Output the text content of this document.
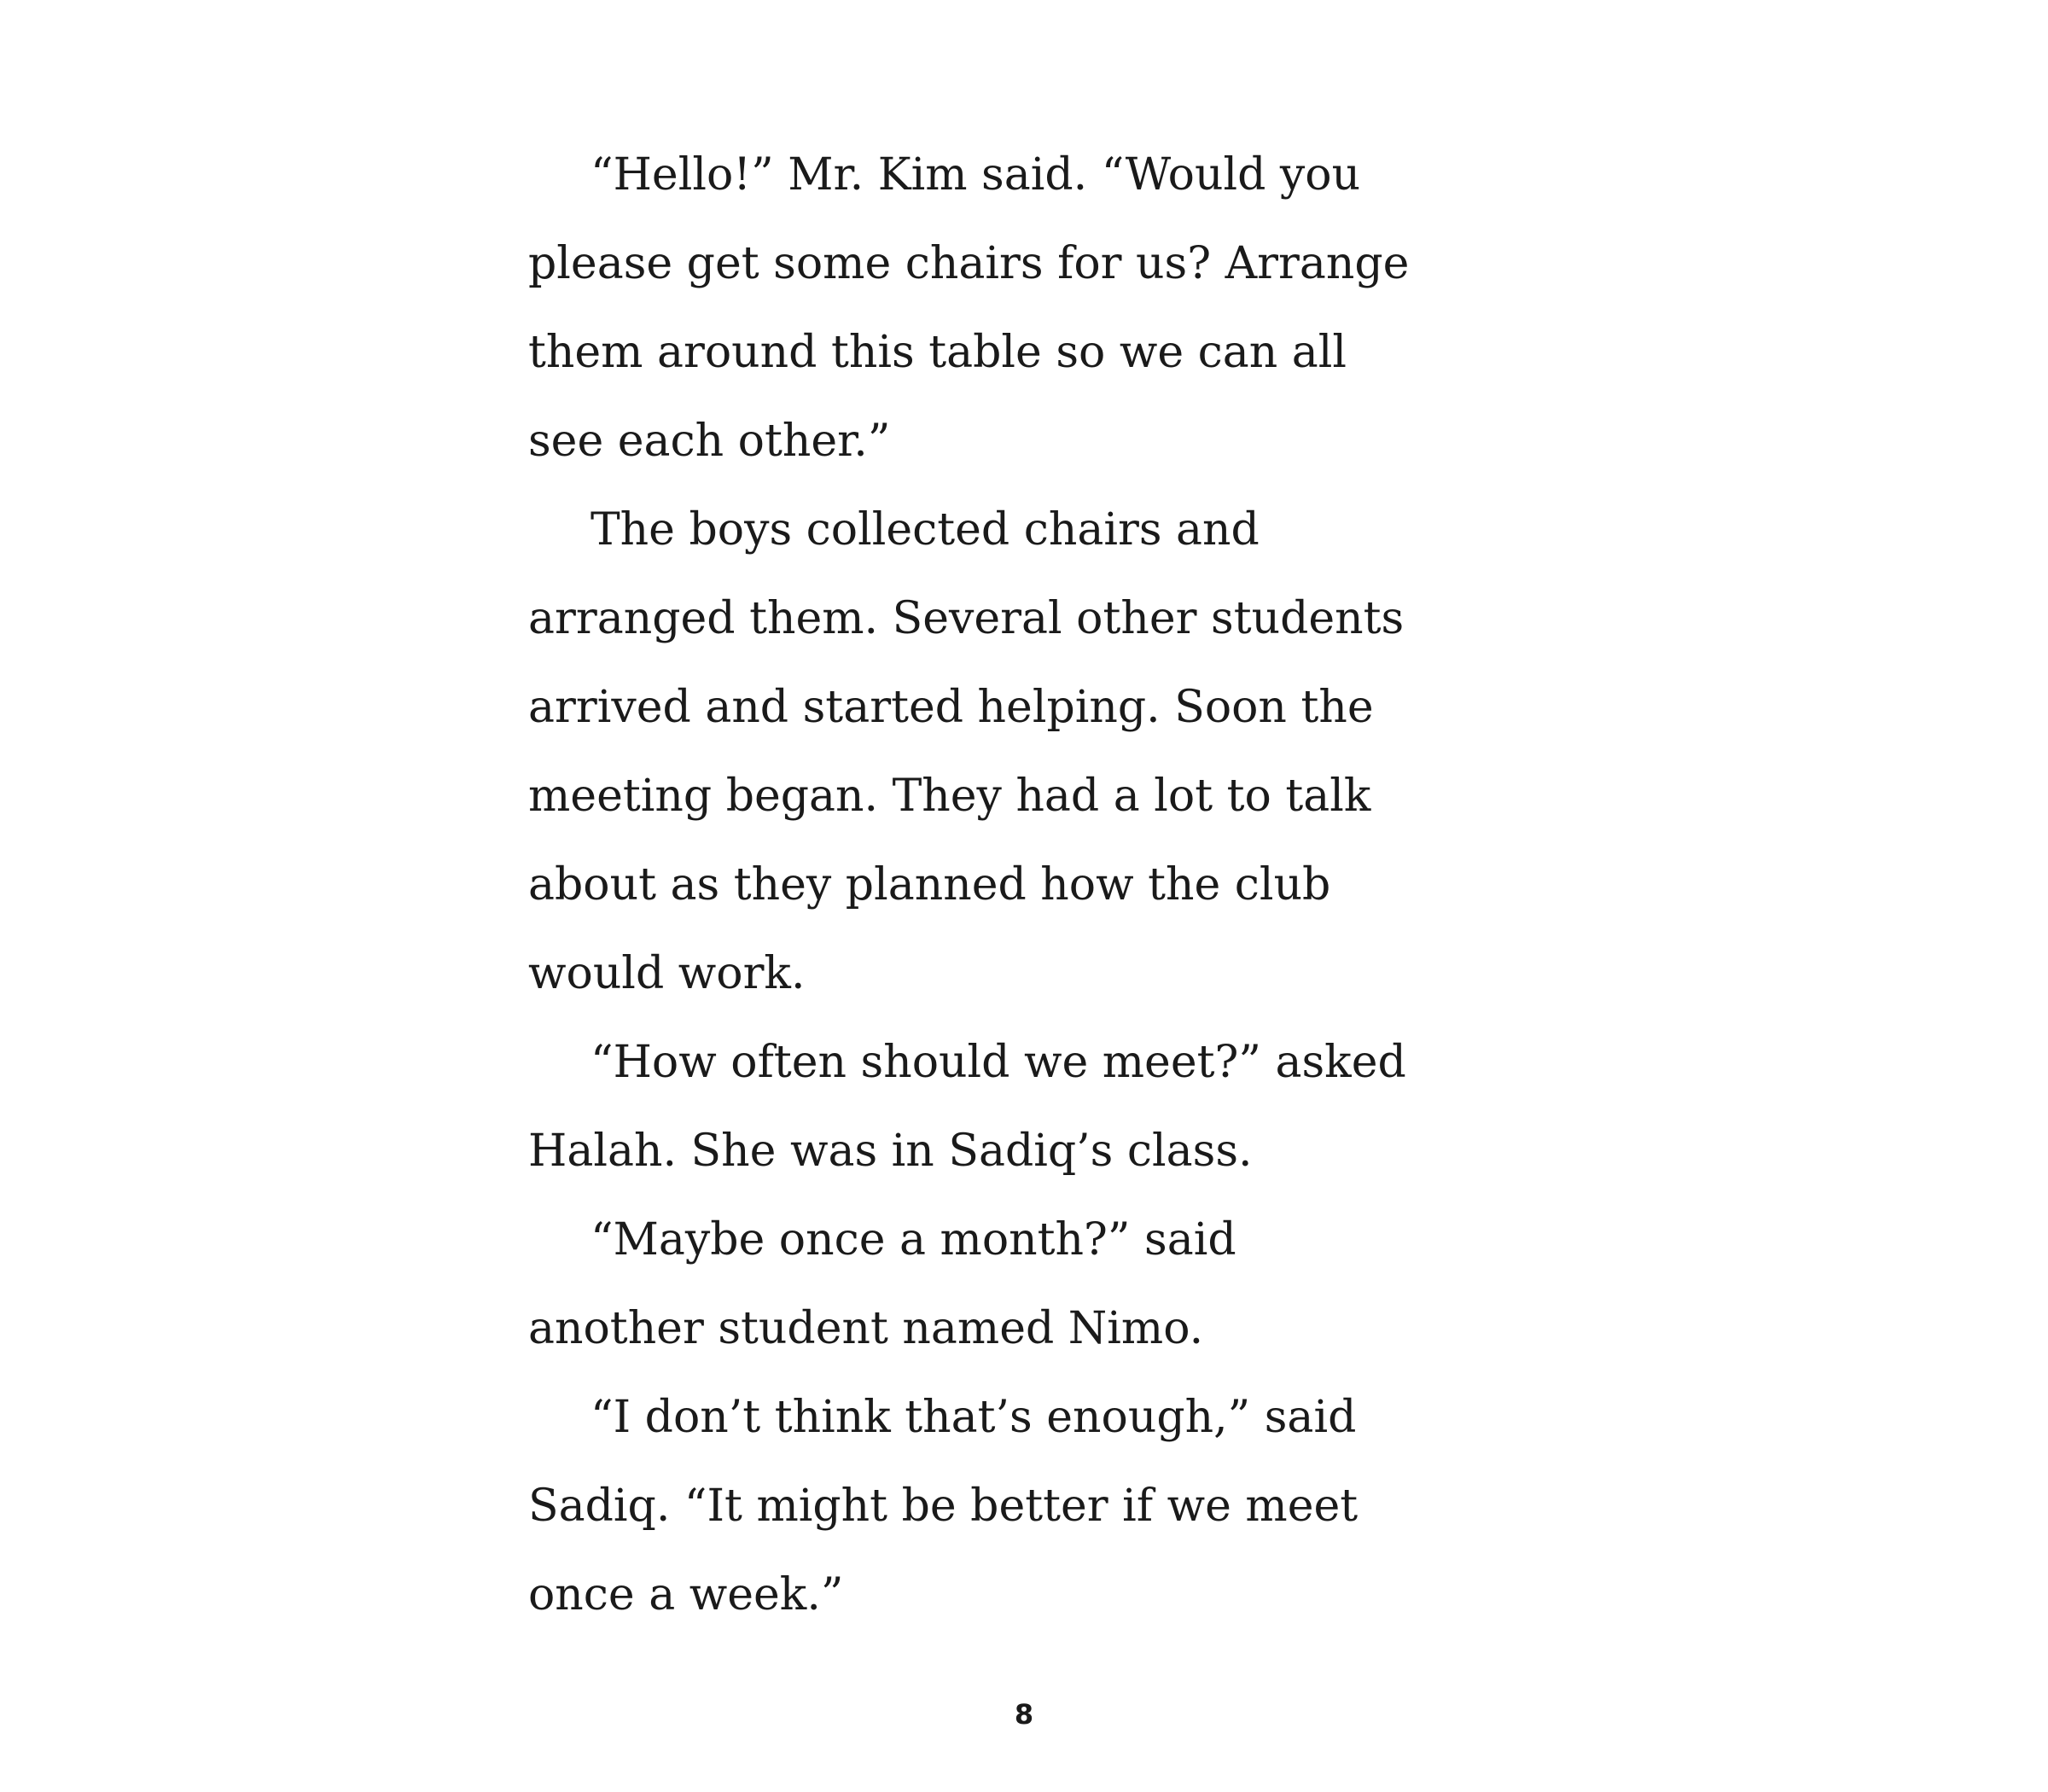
“Hello!” Mr. Kim said. “Would you
please get some chairs for us? Arrange
them around this table so we can all
see each other.”
The boys collected chairs and
arranged them. Several other students
arrived and started helping. Soon the
meeting began. They had a lot to talk
about as they planned how the club
would work.
“How often should we meet?” asked
Halah. She was in Sadiq’s class.
“Maybe once a month?” said
another student named Nimo.
“I don’t think that’s enough,” said
Sadiq. “It might be better if we meet
once a week.”
8
